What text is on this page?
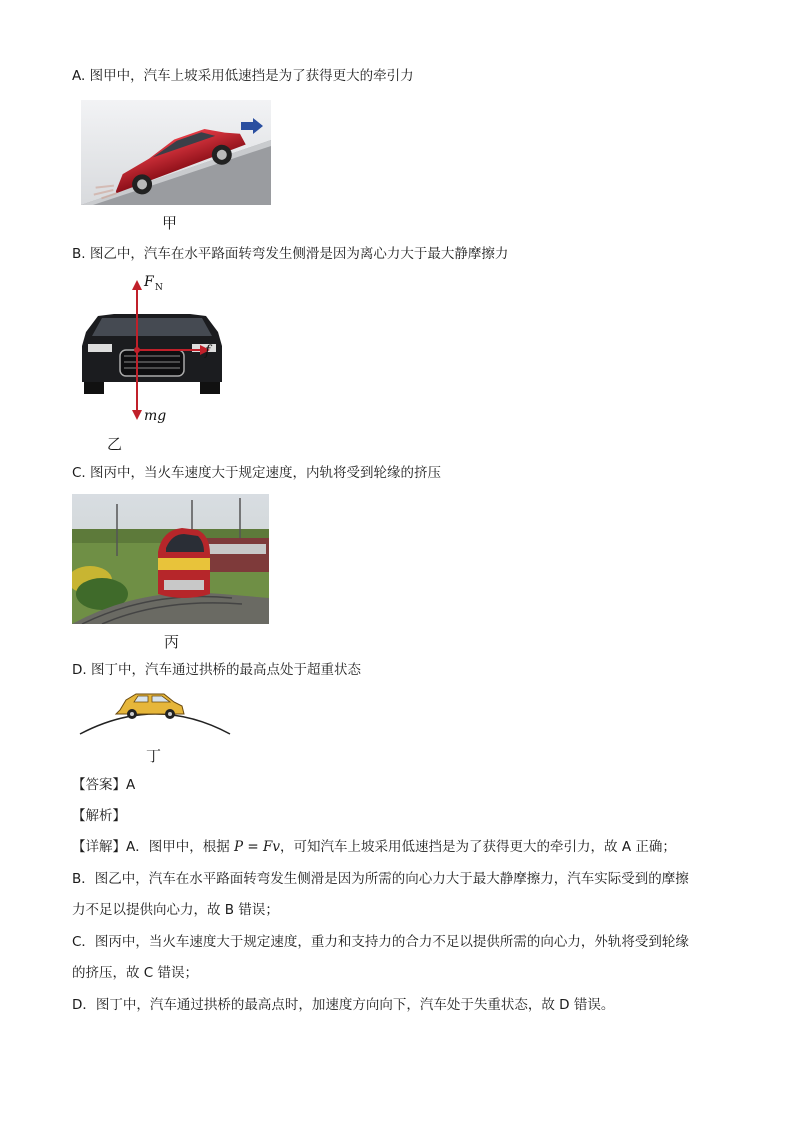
A. 图甲中，汽车上坡采用低速挡是为了获得更大的牵引力
甲
B. 图乙中，汽车在水平路面转弯发生侧滑是因为离心力大于最大静摩擦力
F N
f
mg
乙
C. 图丙中，当火车速度大于规定速度，内轨将受到轮缘的挤压
丙
D. 图丁中，汽车通过拱桥的最高点处于超重状态
丁
【答案】A
【解析】
【详解】A．图甲中，根据 P = Fv，可知汽车上坡采用低速挡是为了获得更大的牵引力，故 A 正确；
B．图乙中，汽车在水平路面转弯发生侧滑是因为所需的向心力大于最大静摩擦力，汽车实际受到的摩擦
力不足以提供向心力，故 B 错误；
C．图丙中，当火车速度大于规定速度，重力和支持力的合力不足以提供所需的向心力，外轨将受到轮缘
的挤压，故 C 错误；
D．图丁中，汽车通过拱桥的最高点时，加速度方向向下，汽车处于失重状态，故 D 错误。
